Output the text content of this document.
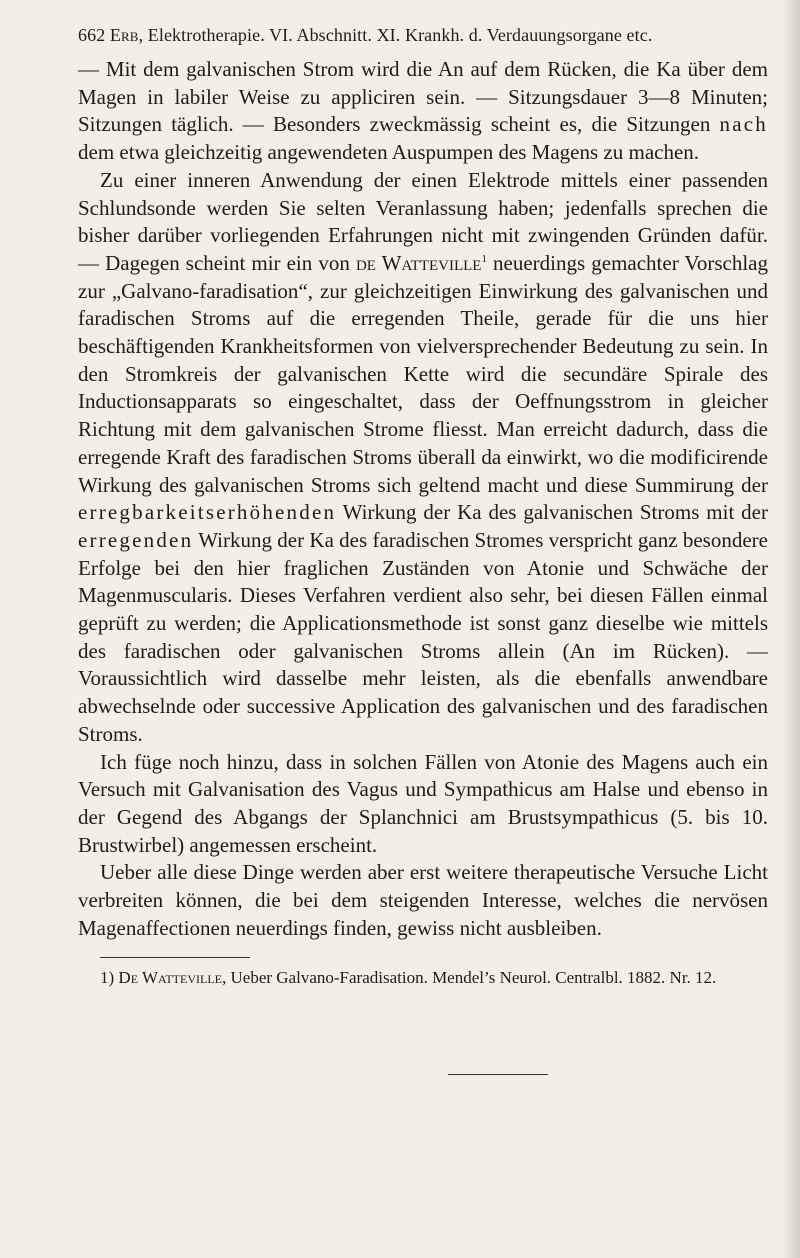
662 Erb, Elektrotherapie. VI. Abschnitt. XI. Krankh. d. Verdauungsorgane etc.

— Mit dem galvanischen Strom wird die An auf dem Rücken, die Ka über dem Magen in labiler Weise zu appliciren sein. — Sitzungsdauer 3—8 Minuten; Sitzungen täglich. — Besonders zweckmässig scheint es, die Sitzungen nach dem etwa gleichzeitig angewendeten Auspumpen des Magens zu machen.

Zu einer inneren Anwendung der einen Elektrode mittels einer passenden Schlundsonde werden Sie selten Veranlassung haben; jedenfalls sprechen die bisher darüber vorliegenden Erfahrungen nicht mit zwingenden Gründen dafür. — Dagegen scheint mir ein von de Watteville$^1$ neuerdings gemachter Vorschlag zur „Galvano-faradisation“, zur gleichzeitigen Einwirkung des galvanischen und faradischen Stroms auf die erregenden Theile, gerade für die uns hier beschäftigenden Krankheitsformen von vielversprechender Bedeutung zu sein. In den Stromkreis der galvanischen Kette wird die secundäre Spirale des Inductionsapparats so eingeschaltet, dass der Oeffnungsstrom in gleicher Richtung mit dem galvanischen Strome fliesst. Man erreicht dadurch, dass die erregende Kraft des faradischen Stroms überall da einwirkt, wo die modificirende Wirkung des galvanischen Stroms sich geltend macht und diese Summirung der erregbarkeitserhöhenden Wirkung der Ka des galvanischen Stroms mit der erregenden Wirkung der Ka des faradischen Stromes verspricht ganz besondere Erfolge bei den hier fraglichen Zuständen von Atonie und Schwäche der Magenmuscularis. Dieses Verfahren verdient also sehr, bei diesen Fällen einmal geprüft zu werden; die Applicationsmethode ist sonst ganz dieselbe wie mittels des faradischen oder galvanischen Stroms allein (An im Rücken). — Voraussichtlich wird dasselbe mehr leisten, als die ebenfalls anwendbare abwechselnde oder successive Application des galvanischen und des faradischen Stroms.

Ich füge noch hinzu, dass in solchen Fällen von Atonie des Magens auch ein Versuch mit Galvanisation des Vagus und Sympathicus am Halse und ebenso in der Gegend des Abgangs der Splanchnici am Brustsympathicus (5. bis 10. Brustwirbel) angemessen erscheint.

Ueber alle diese Dinge werden aber erst weitere therapeutische Versuche Licht verbreiten können, die bei dem steigenden Interesse, welches die nervösen Magenaffectionen neuerdings finden, gewiss nicht ausbleiben.

1) De Watteville, Ueber Galvano-Faradisation. Mendel’s Neurol. Centralbl. 1882. Nr. 12.
